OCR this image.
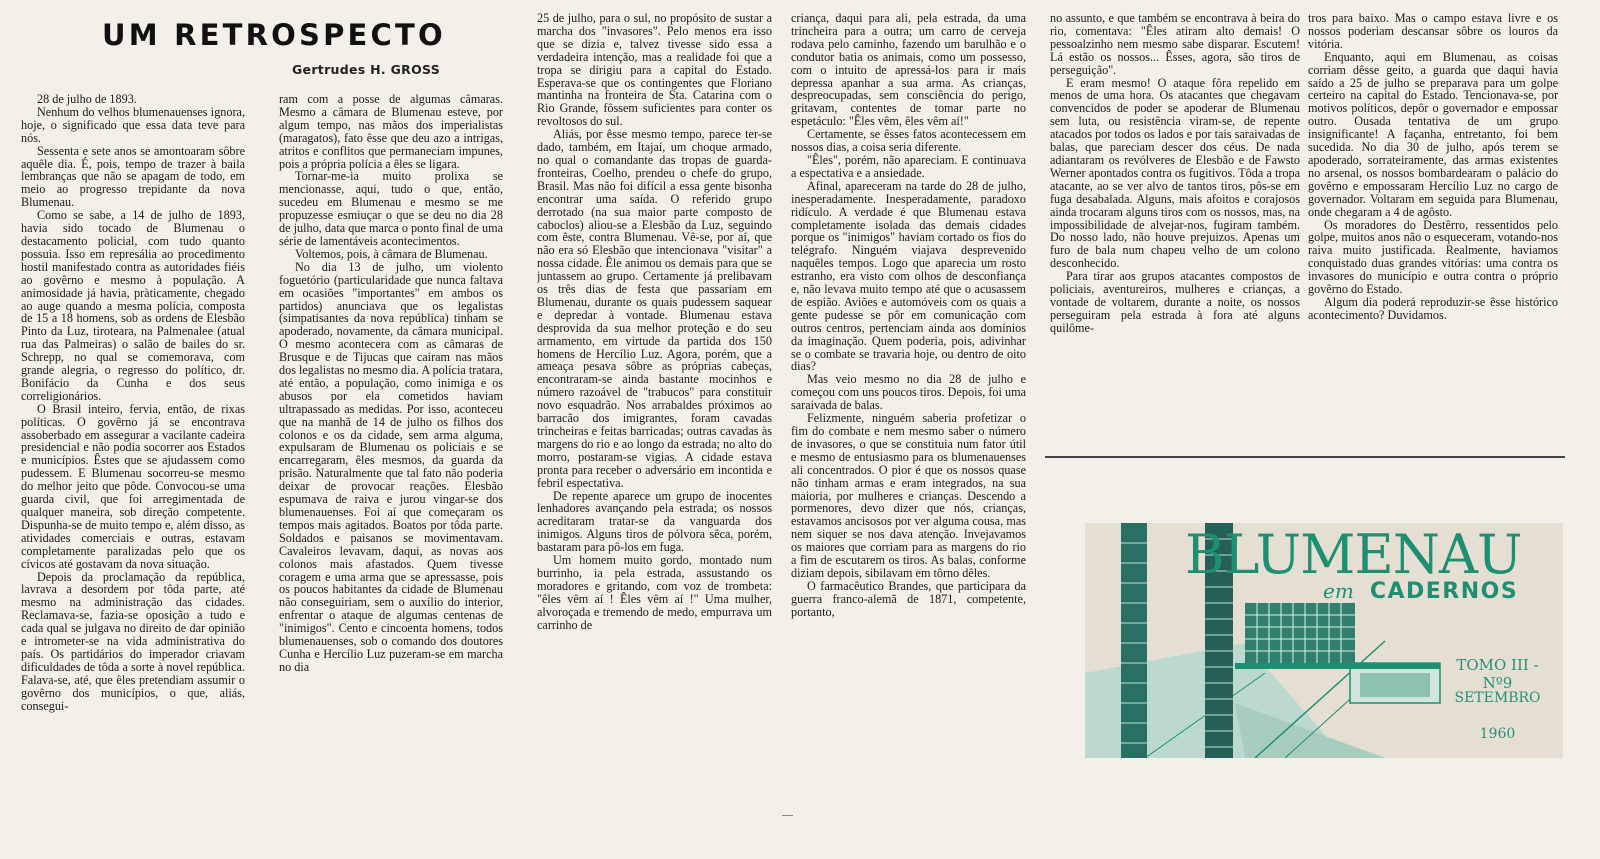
UM RETROSPECTO
Gertrudes H. GROSS

28 de julho de 1893.

Nenhum do velhos blumenauenses ignora, hoje, o significado que essa data teve para nós.

Sessenta e sete anos se amontoaram sôbre aquêle dia. É, pois, tempo de trazer à baila lembranças que não se apagam de todo, em meio ao progresso trepidante da nova Blumenau.

Como se sabe, a 14 de julho de 1893, havia sido tocado de Blumenau o destacamento policial, com tudo quanto possuia. Isso em represália ao procedimento hostil manifestado contra as autoridades fiéis ao govêrno e mesmo à população. A animosidade já havia, pràticamente, chegado ao auge quando a mesma polícia, composta de 15 a 18 homens, sob as ordens de Elesbão Pinto da Luz, tiroteara, na Palmenalee (atual rua das Palmeiras) o salão de bailes do sr. Schrepp, no qual se comemorava, com grande alegria, o regresso do político, dr. Bonifácio da Cunha e dos seus correligionários.

O Brasil inteiro, fervia, então, de rixas políticas. O govêrno já se encontrava assoberbado em assegurar a vacilante cadeira presidencial e não podia socorrer aos Estados e municípios. Êstes que se ajudassem como pudessem. E Blumenau socorreu-se mesmo do melhor jeito que pôde. Convocou-se uma guarda civil, que foi arregimentada de qualquer maneira, sob direção competente. Dispunha-se de muito tempo e, além disso, as atividades comerciais e outras, estavam completamente paralizadas pelo que os cívicos até gostavam da nova situação.

Depois da proclamação da república, lavrava a desordem por tôda parte, até mesmo na administração das cidades. Reclamava-se, fazia-se oposição a tudo e cada qual se julgava no direito de dar opinião e intrometer-se na vida administrativa do país. Os partidários do imperador criavam dificuldades de tôda a sorte à novel república. Falava-se, até, que êles pretendiam assumir o govêrno dos municípios, o que, aliás, consegui-

ram com a posse de algumas câmaras. Mesmo a câmara de Blumenau esteve, por algum tempo, nas mãos dos imperialistas (maragatos), fato êsse que deu azo a intrigas, atritos e conflitos que permaneciam impunes, pois a própria polícia a êles se ligara.

Tornar-me-ia muito prolixa se mencionasse, aqui, tudo o que, então, sucedeu em Blumenau e mesmo se me propuzesse esmiuçar o que se deu no dia 28 de julho, data que marca o ponto final de uma série de lamentáveis acontecimentos.

Voltemos, pois, à câmara de Blumenau.

No dia 13 de julho, um violento foguetório (particularidade que nunca faltava em ocasiões "importantes" em ambos os partidos) anunciava que os legalistas (simpatisantes da nova república) tinham se apoderado, novamente, da câmara municipal. O mesmo acontecera com as câmaras de Brusque e de Tijucas que cairam nas mãos dos legalistas no mesmo dia. A polícia tratara, até então, a população, como inimiga e os abusos por ela cometidos haviam ultrapassado as medidas. Por isso, aconteceu que na manhã de 14 de julho os filhos dos colonos e os da cidade, sem arma alguma, expulsaram de Blumenau os policiais e se encarregaram, êles mesmos, da guarda da prisão. Naturalmente que tal fato não poderia deixar de provocar reações. Elesbão espumava de raiva e jurou vingar-se dos blumenauenses. Foi aí que começaram os tempos mais agitados. Boatos por tôda parte. Soldados e paisanos se movimentavam. Cavaleiros levavam, daqui, as novas aos colonos mais afastados. Quem tivesse coragem e uma arma que se apressasse, pois os poucos habitantes da cidade de Blumenau não conseguiriam, sem o auxílio do interior, enfrentar o ataque de algumas centenas de "inimigos". Cento e cincoenta homens, todos blumenauenses, sob o comando dos doutores Cunha e Hercílio Luz puzeram-se em marcha no dia

25 de julho, para o sul, no propósito de sustar a marcha dos "invasores". Pelo menos era isso que se dizia e, talvez tivesse sido essa a verdadeira intenção, mas a realidade foi que a tropa se dirigiu para a capital do Estado. Esperava-se que os contingentes que Floriano mantinha na fronteira de Sta. Catarina com o Rio Grande, fôssem suficientes para conter os revoltosos do sul.

Aliás, por êsse mesmo tempo, parece ter-se dado, também, em Itajaí, um choque armado, no qual o comandante das tropas de guarda-fronteiras, Coelho, prendeu o chefe do grupo, Brasil. Mas não foi difícil a essa gente bisonha encontrar uma saída. O referido grupo derrotado (na sua maior parte composto de caboclos) aliou-se a Elesbão da Luz, seguindo com êste, contra Blumenau. Vê-se, por aí, que não era só Elesbão que intencionava "visitar" a nossa cidade. Êle animou os demais para que se juntassem ao grupo. Certamente já prelibavam os três dias de festa que passariam em Blumenau, durante os quais pudessem saquear e depredar à vontade. Blumenau estava desprovida da sua melhor proteção e do seu armamento, em virtude da partida dos 150 homens de Hercílio Luz. Agora, porém, que a ameaça pesava sôbre as próprias cabeças, encontraram-se ainda bastante mocinhos e número razoável de "trabucos" para constituir novo esquadrão. Nos arrabaldes próximos ao barracão dos imigrantes, foram cavadas trincheiras e feitas barricadas; outras cavadas às margens do rio e ao longo da estrada; no alto do morro, postaram-se vigias. A cidade estava pronta para receber o adversário em incontida e febril espectativa.

De repente aparece um grupo de inocentes lenhadores avançando pela estrada; os nossos acreditaram tratar-se da vanguarda dos inimigos. Alguns tiros de pólvora sêca, porém, bastaram para pô-los em fuga.

Um homem muito gordo, montado num burrinho, ia pela estrada, assustando os moradores e gritando, com voz de trombeta: "êles vêm aí ! Êles vêm aí !" Uma mulher, alvoroçada e tremendo de medo, empurrava um carrinho de

criança, daqui para ali, pela estrada, da uma trincheira para a outra; um carro de cerveja rodava pelo caminho, fazendo um barulhão e o condutor batia os animais, como um possesso, com o intuito de apressá-los para ir mais depressa apanhar a sua arma. As crianças, despreocupadas, sem consciência do perigo, gritavam, contentes de tomar parte no espetáculo: "Êles vêm, êles vêm aí!"

Certamente, se êsses fatos acontecessem em nossos dias, a coisa seria diferente.

"Êles", porém, não apareciam. E continuava a espectativa e a ansiedade.

Afinal, apareceram na tarde do 28 de julho, inesperadamente. Inesperadamente, paradoxo ridículo. A verdade é que Blumenau estava completamente isolada das demais cidades porque os "inimigos" haviam cortado os fios do telégrafo. Ninguém viajava desprevenido naquêles tempos. Logo que aparecia um rosto estranho, era visto com olhos de desconfiança e, não levava muito tempo até que o acusassem de espião. Aviões e automóveis com os quais a gente pudesse se pôr em comunicação com outros centros, pertenciam ainda aos domínios da imaginação. Quem poderia, pois, adivinhar se o combate se travaria hoje, ou dentro de oito dias?

Mas veio mesmo no dia 28 de julho e começou com uns poucos tiros. Depois, foi uma saraivada de balas.

Felizmente, ninguém saberia profetizar o fim do combate e nem mesmo saber o número de invasores, o que se constituia num fator útil e mesmo de entusiasmo para os blumenauenses ali concentrados. O pior é que os nossos quase não tinham armas e eram integrados, na sua maioria, por mulheres e crianças. Descendo a pormenores, devo dizer que nós, crianças, estavamos ancisosos por ver alguma cousa, mas nem siquer se nos dava atenção. Invejavamos os maiores que corriam para as margens do rio a fim de escutarem os tiros. As balas, conforme diziam depois, sibilavam em tôrno dêles.

O farmacêutico Brandes, que participara da guerra franco-alemã de 1871, competente, portanto,

no assunto, e que também se encontrava à beira do rio, comentava: "Êles atiram alto demais! O pessoalzinho nem mesmo sabe disparar. Escutem! Lá estão os nossos... Êsses, agora, são tiros de perseguição".

E eram mesmo! O ataque fôra repelido em menos de uma hora. Os atacantes que chegavam convencidos de poder se apoderar de Blumenau sem luta, ou resistência viram-se, de repente atacados por todos os lados e por tais saraivadas de balas, que pareciam descer dos céus. De nada adiantaram os revólveres de Elesbão e de Fawsto Werner apontados contra os fugitivos. Tôda a tropa atacante, ao se ver alvo de tantos tiros, pôs-se em fuga desabalada. Alguns, mais afoitos e corajosos ainda trocaram alguns tiros com os nossos, mas, na impossibilidade de alvejar-nos, fugiram também. Do nosso lado, não houve prejuizos. Apenas um furo de bala num chapeu velho de um colono desconhecido.

Para tirar aos grupos atacantes compostos de policiais, aventureiros, mulheres e crianças, a vontade de voltarem, durante a noite, os nossos perseguiram pela estrada à fora até alguns quilôme-

tros para baixo. Mas o campo estava livre e os nossos poderiam descansar sôbre os louros da vitória.

Enquanto, aqui em Blumenau, as coisas corriam dêsse geito, a guarda que daqui havia saído a 25 de julho se preparava para um golpe certeiro na capital do Estado. Tencionava-se, por motivos políticos, depôr o governador e empossar outro. Ousada tentativa de um grupo insignificante! A façanha, entretanto, foi bem sucedida. No dia 30 de julho, após terem se apoderado, sorrateiramente, das armas existentes no arsenal, os nossos bombardearam o palácio do govêrno e empossaram Hercílio Luz no cargo de governador. Voltaram em seguida para Blumenau, onde chegaram a 4 de agôsto.

Os moradores do Destêrro, ressentidos pelo golpe, muitos anos não o esqueceram, votando-nos raiva muito justificada. Realmente, haviamos conquistado duas grandes vitórias: uma contra os invasores do município e outra contra o próprio govêrno do Estado.

Algum dia poderá reproduzir-se êsse histórico acontecimento? Duvidamos.

—
BLUMENAU
em CADERNOS
TOMO III - Nº9
SETEMBRO
1960
